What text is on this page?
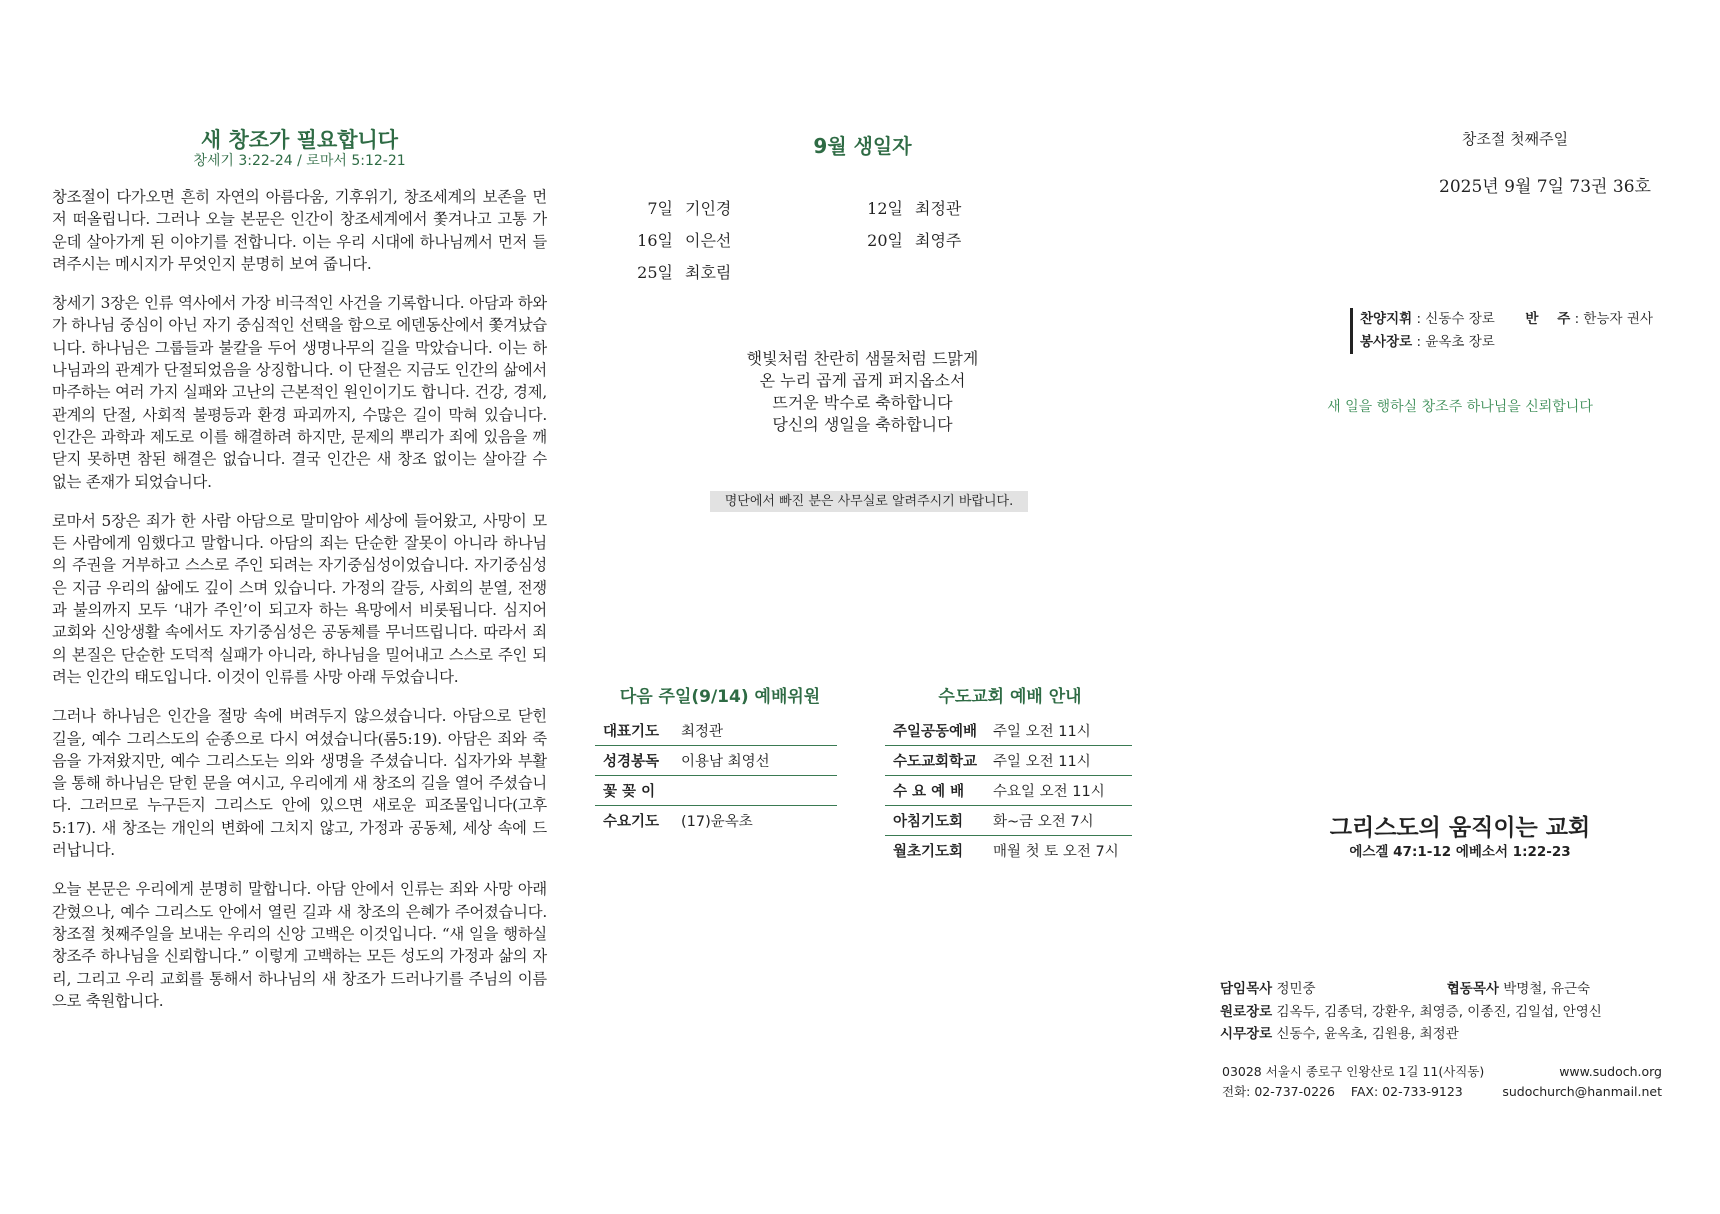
새 창조가 필요합니다
창세기 3:22-24 / 로마서 5:12-21

창조절이 다가오면 흔히 자연의 아름다움, 기후위기, 창조세계의 보존을 먼저 떠올립니다. 그러나 오늘 본문은 인간이 창조세계에서 쫓겨나고 고통 가운데 살아가게 된 이야기를 전합니다. 이는 우리 시대에 하나님께서 먼저 들려주시는 메시지가 무엇인지 분명히 보여 줍니다.

창세기 3장은 인류 역사에서 가장 비극적인 사건을 기록합니다. 아담과 하와가 하나님 중심이 아닌 자기 중심적인 선택을 함으로 에덴동산에서 쫓겨났습니다. 하나님은 그룹들과 불칼을 두어 생명나무의 길을 막았습니다. 이는 하나님과의 관계가 단절되었음을 상징합니다. 이 단절은 지금도 인간의 삶에서 마주하는 여러 가지 실패와 고난의 근본적인 원인이기도 합니다. 건강, 경제, 관계의 단절, 사회적 불평등과 환경 파괴까지, 수많은 길이 막혀 있습니다. 인간은 과학과 제도로 이를 해결하려 하지만, 문제의 뿌리가 죄에 있음을 깨닫지 못하면 참된 해결은 없습니다. 결국 인간은 새 창조 없이는 살아갈 수 없는 존재가 되었습니다.

로마서 5장은 죄가 한 사람 아담으로 말미암아 세상에 들어왔고, 사망이 모든 사람에게 임했다고 말합니다. 아담의 죄는 단순한 잘못이 아니라 하나님의 주권을 거부하고 스스로 주인 되려는 자기중심성이었습니다. 자기중심성은 지금 우리의 삶에도 깊이 스며 있습니다. 가정의 갈등, 사회의 분열, 전쟁과 불의까지 모두 ‘내가 주인’이 되고자 하는 욕망에서 비롯됩니다. 심지어 교회와 신앙생활 속에서도 자기중심성은 공동체를 무너뜨립니다. 따라서 죄의 본질은 단순한 도덕적 실패가 아니라, 하나님을 밀어내고 스스로 주인 되려는 인간의 태도입니다. 이것이 인류를 사망 아래 두었습니다.

그러나 하나님은 인간을 절망 속에 버려두지 않으셨습니다. 아담으로 닫힌 길을, 예수 그리스도의 순종으로 다시 여셨습니다(롬5:19). 아담은 죄와 죽음을 가져왔지만, 예수 그리스도는 의와 생명을 주셨습니다. 십자가와 부활을 통해 하나님은 닫힌 문을 여시고, 우리에게 새 창조의 길을 열어 주셨습니다. 그러므로 누구든지 그리스도 안에 있으면 새로운 피조물입니다(고후 5:17). 새 창조는 개인의 변화에 그치지 않고, 가정과 공동체, 세상 속에 드러납니다.

오늘 본문은 우리에게 분명히 말합니다. 아담 안에서 인류는 죄와 사망 아래 갇혔으나, 예수 그리스도 안에서 열린 길과 새 창조의 은혜가 주어졌습니다. 창조절 첫째주일을 보내는 우리의 신앙 고백은 이것입니다. “새 일을 행하실 창조주 하나님을 신뢰합니다.” 이렇게 고백하는 모든 성도의 가정과 삶의 자리, 그리고 우리 교회를 통해서 하나님의 새 창조가 드러나기를 주님의 이름으로 축원합니다.

9월 생일자
7일 기인경	12일 최정관
16일 이은선	20일 최영주
25일 최호림
햇빛처럼 찬란히 샘물처럼 드맑게
온 누리 곱게 곱게 퍼지옵소서
뜨거운 박수로 축하합니다
당신의 생일을 축하합니다
명단에서 빠진 분은 사무실로 알려주시기 바랍니다.
다음 주일(9/14) 예배위원
대표기도	최정관
성경봉독	이용남 최영선
꽃 꽂 이	
수요기도	(17)윤옥초
수도교회 예배 안내
주일공동예배	주일 오전 11시
수도교회학교	주일 오전 11시
수 요 예 배	수요일 오전 11시
아침기도회	화~금 오전 7시
월초기도회	매월 첫 토 오전 7시
창조절 첫째주일
2025년 9월 7일 73권 36호
찬양지휘 : 신동수 장로 반    주 : 한능자 권사
봉사장로 : 윤옥초 장로
새 일을 행하실 창조주 하나님을 신뢰합니다
그리스도의 움직이는 교회
에스겔 47:1-12 에베소서 1:22-23
담임목사 정민중	협동목사 박명철, 유근숙
원로장로 김옥두, 김종덕, 강환우, 최영증, 이종진, 김일섭, 안영신
시무장로 신동수, 윤옥초, 김원용, 최정관
03028 서울시 종로구 인왕산로 1길 11(사직동)	www.sudoch.org
전화: 02-737-0226    FAX: 02-733-9123	sudochurch@hanmail.net
